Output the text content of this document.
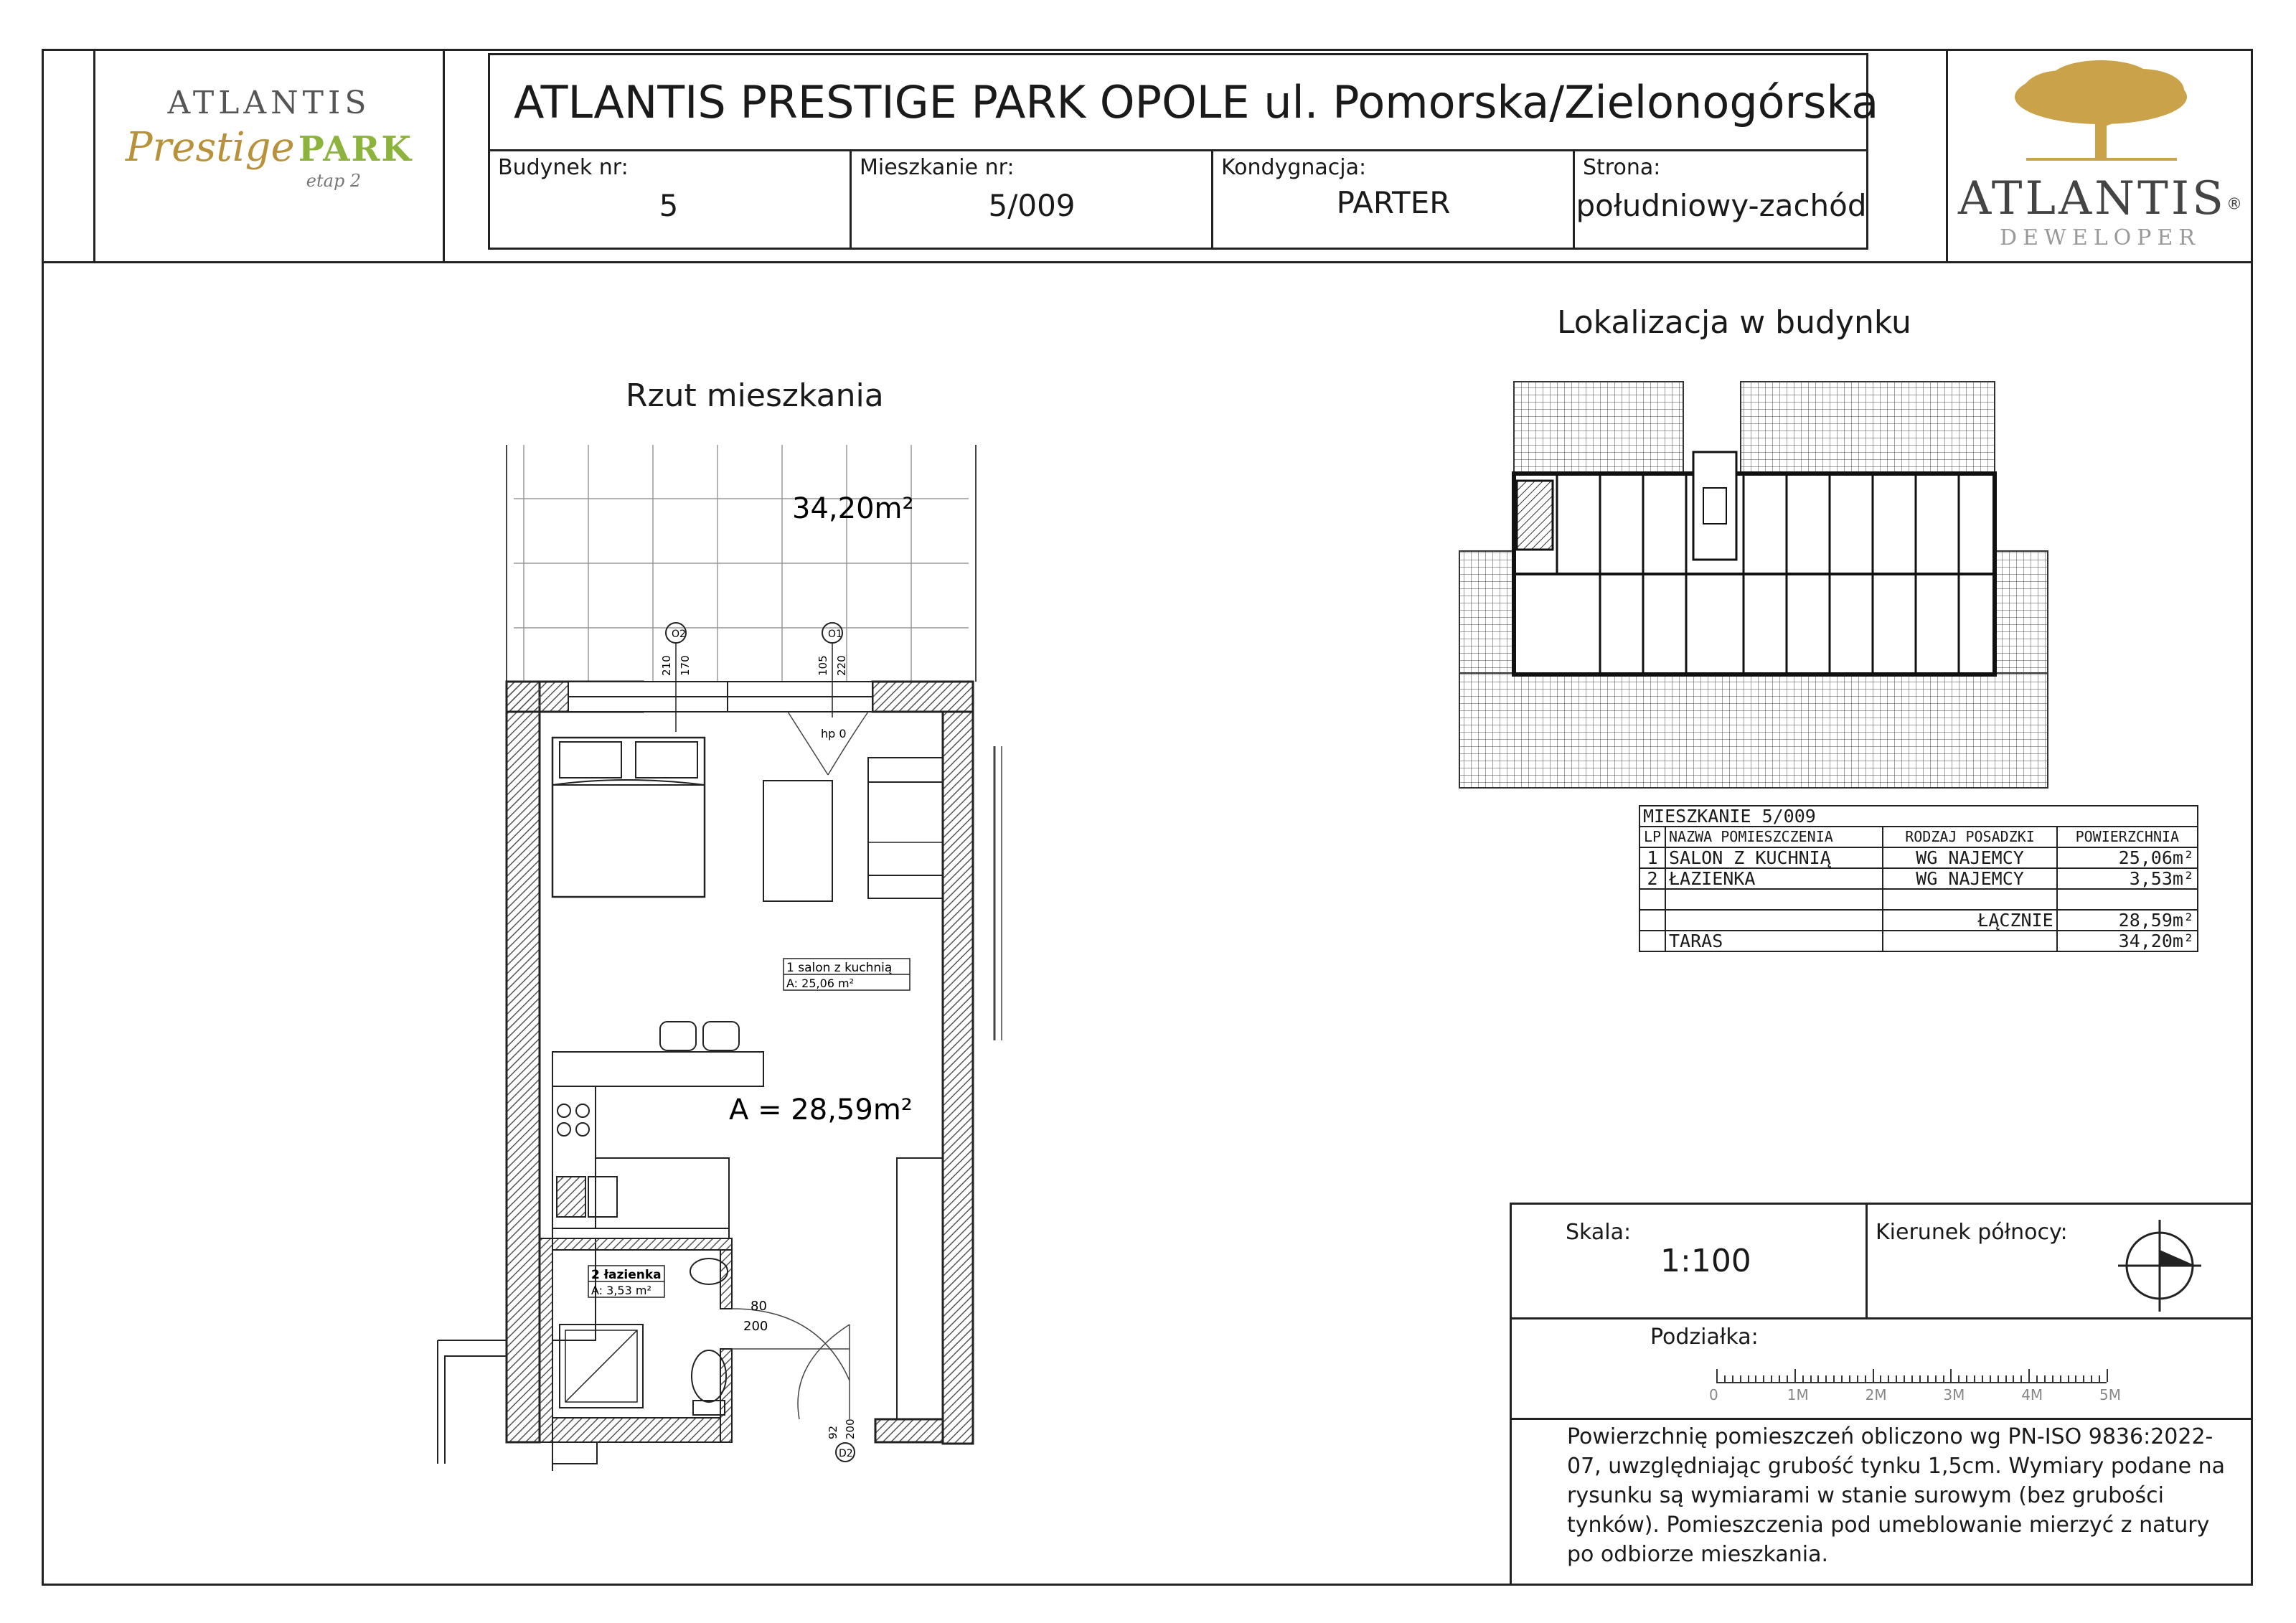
ATLANTIS
Prestige PARK
etap 2
ATLANTIS PRESTIGE PARK OPOLE ul. Pomorska/Zielonogórska
Budynek nr:
5
Mieszkanie nr:
5/009
Kondygnacja:
PARTER
Strona:
południowy-zachód ATLANTIS®
DEWELOPER
Rzut mieszkania
Lokalizacja w budynku
O2
210 170
O1
105 220
hp 0
1 salon z kuchnią
A: 25,06 m²
A = 28,59m²
34,20m²
2 łazienka
A: 3,53 m²
80
200
D2
92 200
MIESZKANIE 5/009			
LP	NAZWA POMIESZCZENIA	RODZAJ POSADZKI	POWIERZCHNIA
1	SALON Z KUCHNIĄ	WG NAJEMCY	25,06m²
2	ŁAZIENKA	WG NAJEMCY	3,53m²

		ŁĄCZNIE	28,59m²
	TARAS		34,20m²
Skala:
1:100
Kierunek północy:
Podziałka:
0	1M	2M	3M	4M	5M
Powierzchnię pomieszczeń obliczono wg PN-ISO 9836:2022-07, uwzględniając grubość tynku 1,5cm. Wymiary podane na rysunku są wymiarami w stanie surowym (bez grubości tynków). Pomieszczenia pod umeblowanie mierzyć z natury po odbiorze mieszkania.
